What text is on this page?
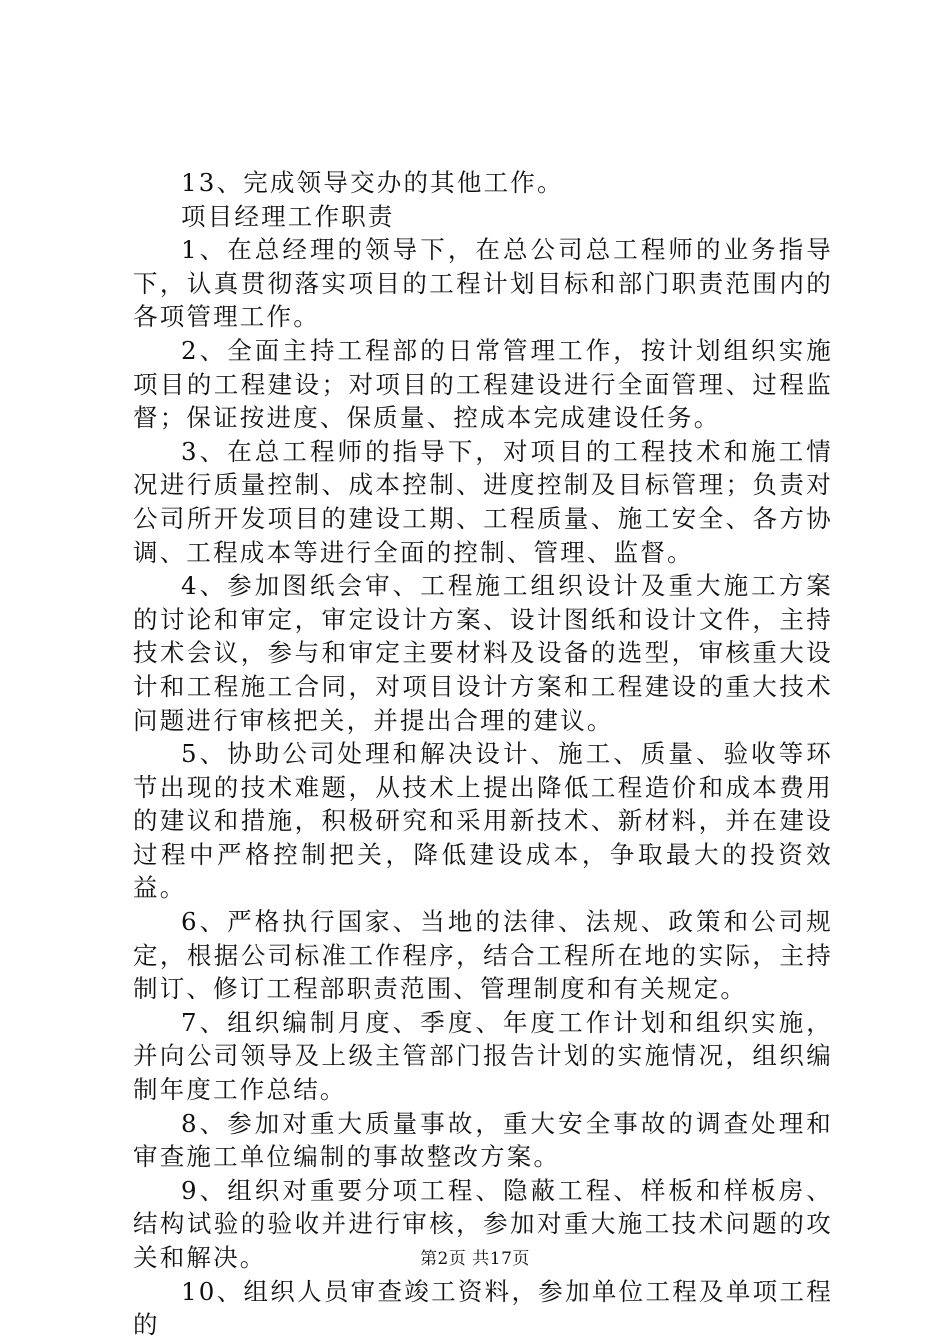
13、完成领导交办的其他工作。

项目经理工作职责

1、在总经理的领导下，在总公司总工程师的业务指导下，认真贯彻落实项目的工程计划目标和部门职责范围内的各项管理工作。

2、全面主持工程部的日常管理工作，按计划组织实施项目的工程建设；对项目的工程建设进行全面管理、过程监督；保证按进度、保质量、控成本完成建设任务。

3、在总工程师的指导下，对项目的工程技术和施工情况进行质量控制、成本控制、进度控制及目标管理；负责对公司所开发项目的建设工期、工程质量、施工安全、各方协调、工程成本等进行全面的控制、管理、监督。

4、参加图纸会审、工程施工组织设计及重大施工方案的讨论和审定，审定设计方案、设计图纸和设计文件，主持技术会议，参与和审定主要材料及设备的选型，审核重大设计和工程施工合同，对项目设计方案和工程建设的重大技术问题进行审核把关，并提出合理的建议。

5、协助公司处理和解决设计、施工、质量、验收等环节出现的技术难题，从技术上提出降低工程造价和成本费用的建议和措施，积极研究和采用新技术、新材料，并在建设过程中严格控制把关，降低建设成本，争取最大的投资效益。

6、严格执行国家、当地的法律、法规、政策和公司规定，根据公司标准工作程序，结合工程所在地的实际，主持制订、修订工程部职责范围、管理制度和有关规定。

7、组织编制月度、季度、年度工作计划和组织实施，并向公司领导及上级主管部门报告计划的实施情况，组织编制年度工作总结。

8、参加对重大质量事故，重大安全事故的调查处理和审查施工单位编制的事故整改方案。

9、组织对重要分项工程、隐蔽工程、样板和样板房、结构试验的验收并进行审核，参加对重大施工技术问题的攻关和解决。

10、组织人员审查竣工资料，参加单位工程及单项工程的

第2页 共17页
